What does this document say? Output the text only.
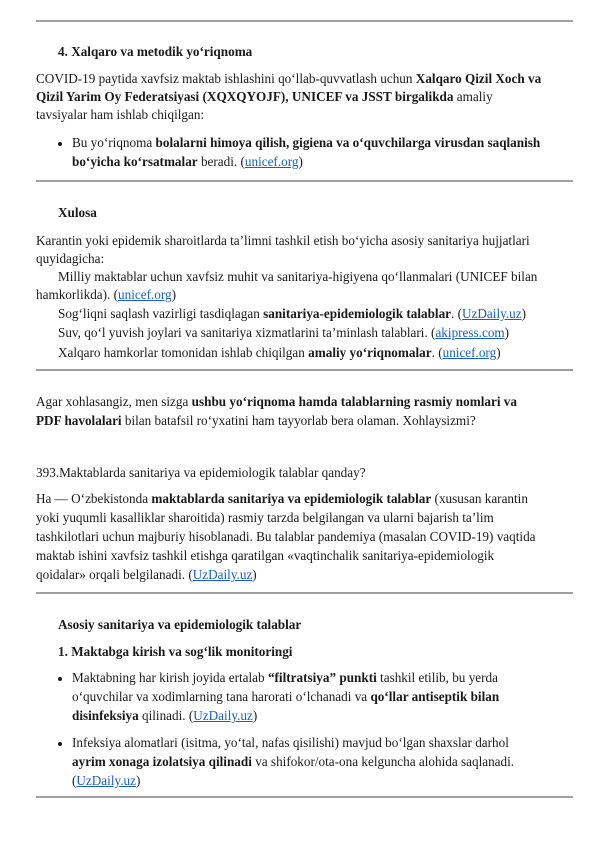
4. Xalqaro va metodik yo‘riqnoma
COVID-19 paytida xavfsiz maktab ishlashini qo‘llab-quvvatlash uchun Xalqaro Qizil Xoch va
Qizil Yarim Oy Federatsiyasi (XQXQYOJF), UNICEF va JSST birgalikda amaliy
tavsiyalar ham ishlab chiqilgan:
Bu yo‘riqnoma bolalarni himoya qilish, gigiena va o‘quvchilarga virusdan saqlanish
bo‘yicha ko‘rsatmalar beradi. (unicef.org)
Xulosa
Karantin yoki epidemik sharoitlarda ta’limni tashkil etish bo‘yicha asosiy sanitariya hujjatlari
quyidagicha:
Milliy maktablar uchun xavfsiz muhit va sanitariya-higiyena qo‘llanmalari (UNICEF bilan
hamkorlikda). (unicef.org)
Sog‘liqni saqlash vazirligi tasdiqlagan sanitariya-epidemiologik talablar. (UzDaily.uz)
Suv, qo‘l yuvish joylari va sanitariya xizmatlarini ta’minlash talablari. (akipress.com)
Xalqaro hamkorlar tomonidan ishlab chiqilgan amaliy yo‘riqnomalar. (unicef.org)
Agar xohlasangiz, men sizga ushbu yo‘riqnoma hamda talablarning rasmiy nomlari va
PDF havolalari bilan batafsil ro‘yxatini ham tayyorlab bera olaman. Xohlaysizmi?
393.Maktablarda sanitariya va epidemiologik talablar qanday?
Ha — O‘zbekistonda maktablarda sanitariya va epidemiologik talablar (xususan karantin
yoki yuqumli kasalliklar sharoitida) rasmiy tarzda belgilangan va ularni bajarish ta’lim
tashkilotlari uchun majburiy hisoblanadi. Bu talablar pandemiya (masalan COVID-19) vaqtida
maktab ishini xavfsiz tashkil etishga qaratilgan «vaqtinchalik sanitariya-epidemiologik
qoidalar» orqali belgilanadi. (UzDaily.uz)
Asosiy sanitariya va epidemiologik talablar
1. Maktabga kirish va sog‘lik monitoringi
Maktabning har kirish joyida ertalab “filtratsiya” punkti tashkil etilib, bu yerda
o‘quvchilar va xodimlarning tana harorati o‘lchanadi va qo‘llar antiseptik bilan
disinfeksiya qilinadi. (UzDaily.uz)
Infeksiya alomatlari (isitma, yo‘tal, nafas qisilishi) mavjud bo‘lgan shaxslar darhol
ayrim xonaga izolatsiya qilinadi va shifokor/ota-ona kelguncha alohida saqlanadi.
(UzDaily.uz)
